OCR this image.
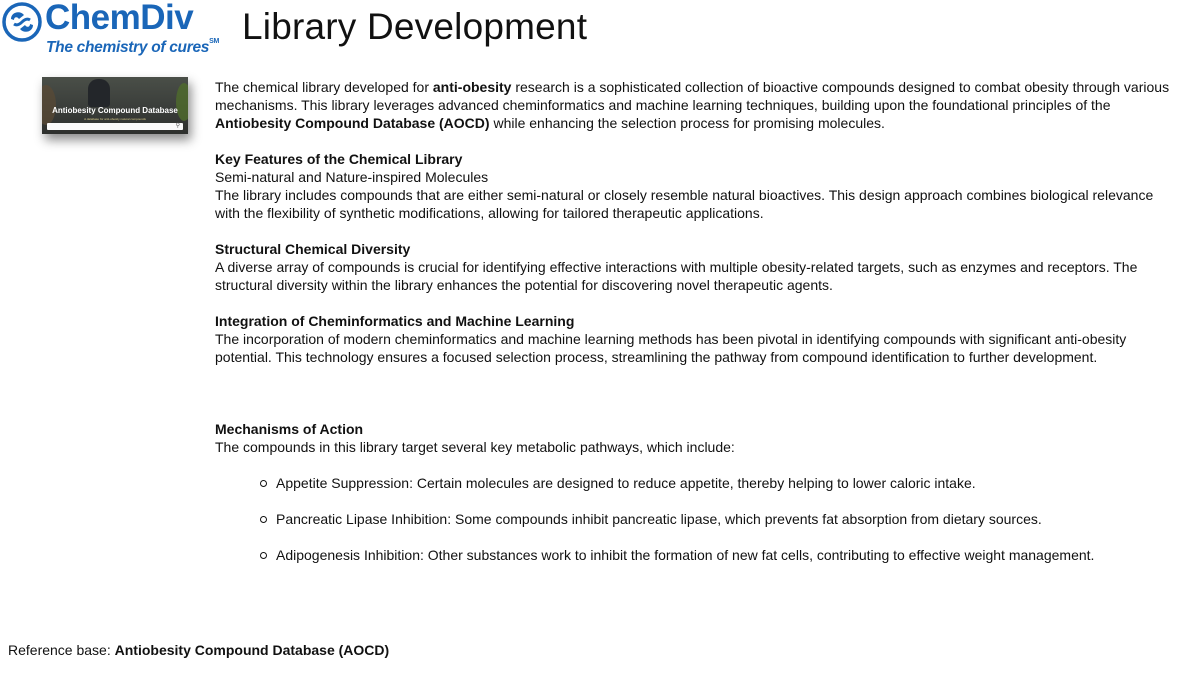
ChemDiv
The chemistry of cures℠ Library Development
Antiobesity Compound Database
A database for anti-obesity natural compounds
⚲

The chemical library developed for anti-obesity research is a sophisticated collection of bioactive compounds designed to combat obesity through various mechanisms. This library leverages advanced cheminformatics and machine learning techniques, building upon the foundational principles of the Antiobesity Compound Database (AOCD) while enhancing the selection process for promising molecules.

Key Features of the Chemical Library

Semi-natural and Nature-inspired Molecules

The library includes compounds that are either semi-natural or closely resemble natural bioactives. This design approach combines biological relevance with the flexibility of synthetic modifications, allowing for tailored therapeutic applications.

Structural Chemical Diversity

A diverse array of compounds is crucial for identifying effective interactions with multiple obesity-related targets, such as enzymes and receptors. The structural diversity within the library enhances the potential for discovering novel therapeutic agents.

Integration of Cheminformatics and Machine Learning

The incorporation of modern cheminformatics and machine learning methods has been pivotal in identifying compounds with significant anti-obesity potential. This technology ensures a focused selection process, streamlining the pathway from compound identification to further development.

Mechanisms of Action

The compounds in this library target several key metabolic pathways, which include:

Appetite Suppression: Certain molecules are designed to reduce appetite, thereby helping to lower caloric intake.
Pancreatic Lipase Inhibition: Some compounds inhibit pancreatic lipase, which prevents fat absorption from dietary sources.
Adipogenesis Inhibition: Other substances work to inhibit the formation of new fat cells, contributing to effective weight management.
Reference base: Antiobesity Compound Database (AOCD)
